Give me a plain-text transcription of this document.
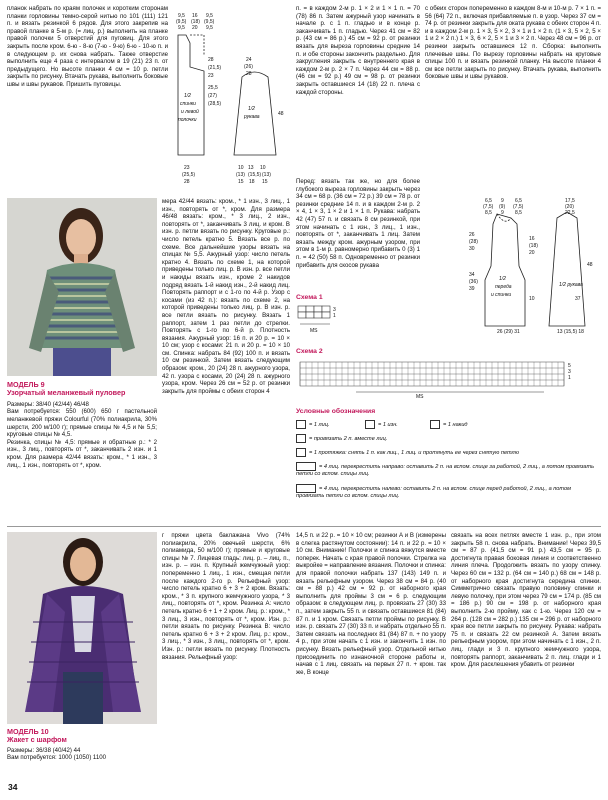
планок набрать по краям полочек и коротким сторонам планки горловины темно-серой нитью по 101 (111) 121 п. и вязать резинкой 6 рядов. Для этого закрепив на правой планке в 5-м р. (= лиц. р.) выполнить на планке правой полочки 5 отверстий для пуговиц. Для этого закрыть после кром. 6-ю - 8-ю (7-ю - 9-ю) 6-ю - 10-ю п. и в следующем р. их снова набрать. Также отверстие выполнить еще 4 раза с интервалом в 19 (21) 23 п. от предыдущего. Но высоте планки 4 см = 10 р. петли закрыть по рисунку. Втачать рукава, выполнить боковые швы и швы рукавов. Пришить пуговицы.

9,5 16 9,5
(9,5) (18) (9,5)
9,5 20 9,5
28
(21,5)
23
25,5
(27)
(28,5)
1/2
спинки
и левой
полочки
23
(25,5)
28
24
(26)
28
1/2
рукава	48
10 13 10
(13) (15,5) (13)
15 18 15

п. = в каждом 2-м р. 1 × 2 и 1 × 1 п. = 70 (78) 86 п. Затем ажурный узор начинать в начале р. с 1 п. гладью и в конце р. заканчивать 1 п. гладью. Через 41 см = 82 р. (43 см = 86 р.) 45 см = 92 р. от резинки вязать для выреза горловины средние 14 п. и обе стороны закончить раздельно. Для закругления закрыть с внутреннего края в каждом 2-м р. 2 × 7 п. Через 44 см = 88 р. (46 см = 92 р.) 49 см = 98 р. от резинки закрыть оставшиеся 14 (18) 22 п. плеча с каждой стороны.

с обеих сторон попеременно в каждом 8-м и 10-м р. 7 × 1 п. = 56 (64) 72 п., включая прибавляемые п. в узор. Через 37 см = 74 р. от резинки закрыть для оката рукава с обеих сторон 4 п. и в каждом 2-м р. 1 × 3, 5 × 2, 3 × 1 и 1 × 2 п. (1 × 3, 5 × 2, 5 × 1 и 2 × 2 п.) 1 × 3, 6 × 2, 5 × 1 и 3 × 2 п. Через 48 см = 96 р. от резинки закрыть оставшиеся 12 п. Сборка: выполнить плечевые швы. По вырезу горловины набрать на круговые спицы 100 п. и вязать резинкой планку. На высоте планки 4 см все петли закрыть по рисунку. Втачать рукава, выполнить боковые швы и швы рукавов.

МОДЕЛЬ 9
Узорчатый меланжевый пуловер

Размеры: 38/40 (42/44) 46/48

Вам потребуется: 550 (600) 650 г пастельной меланжевой пряжи Colourful (70% полиакрила, 30% шерсти, 200 м/100 г); прямые спицы № 4,5 и № 5,5; круговые спицы № 4,5.

Резинка, спицы № 4,5: прямые и обратные р.: * 2 изн., 3 лиц., повторять от *, заканчивать 2 изн. и 1 кром. Для размера 42/44 вязать: кром., * 1 изн., 3 лиц., 1 изн., повторять от *, кром.

мера 42/44 вязать: кром., * 1 изн., 3 лиц., 1 изн., повторять от *, кром. Для размера 46/48 вязать: кром., * 3 лиц., 2 изн., повторять от *, заканчивать 3 лиц. и кром. В изн. р. петли вязать по рисунку. Круговые р.: число петель кратно 5. Вязать все р. по схеме. Все дальнейшие узоры вязать на спицах № 5,5. Ажурный узор: число петель кратно 4. Вязать по схеме 1, на которой приведены только лиц. р. В изн. р. все петли и накиды вязать изн., кроме 2 накидов подряд вязать 1-й накид изн., 2-й накид лиц. Повторять раппорт и с 1-го по 4-й р. Узор с косами (из 42 п.): вязать по схеме 2, на которой приведены только лиц. р. В изн. р. все петли вязать по рисунку. Вязать 1 раппорт, затем 1 раз петли до стрелки. Повторять с 1-го по 6-й р. Плотность вязания. Ажурный узор: 16 п. и 20 р. = 10 × 10 см; узор с косами: 21 п. и 20 р. = 10 × 10 см. Спинка: набрать 84 (92) 100 п. и вязать 10 см резинкой. Затем вязать следующим образом: кром., 20 (24) 28 п. ажурного узора, 42 п. узора с косами, 20 (24) 28 п. ажурного узора, кром. Через 26 см = 52 р. от резинки закрыть для проймы с обеих сторон 4

Перед: вязать так же, но для более глубокого выреза горловины закрыть через 34 см = 68 р. (36 см = 72 р.) 39 см = 78 р. от резинки средние 14 п. и в каждом 2-м р. 2 × 4, 1 × 3, 1 × 2 и 1 × 1 п. Рукава: набрать 42 (47) 57 п. и связать 8 см резинкой, при этом начинать с 1 изн., 3 лиц., 1 изн., повторять от *, заканчивать 1 лиц. Затем вязать между кром. ажурным узором, при этом в 1-м р. равномерно прибавить 0 (3) 1 п. = 42 (50) 58 п. Одновременно от резинки прибавить для скосов рукава

6,5 9 6,5
(7,5) (9) (7,5)
8,5 9 8,5
17,5
(20)
22,5
16
(18)
20
26
(28)
30
34
(36)
39
1/2
переда
и спинки
10
48
37
1/2 рукава
26 (29) 31	13 (15,5) 18
Схема 1
3
1
MS
Схема 2
5
3
1
MS
Условные обозначения
= 1 лиц.	= 1 изн.	= 1 накид
= провязать 2 п. вместе лиц.
= 1 протяжка: снять 1 п. как лиц., 1 лиц. и протянуть ее через снятую петлю
= 4 лиц. перекрестить направо: оставить 2 п. на вспом. спице за работой, 2 лиц., а потом провязать петли со вспом. спицы лиц.
= 4 лиц. перекрестить налево: оставить 2 п. на вспом. спице перед работой, 2 лиц., а потом провязать петли со вспом. спицы лиц.
МОДЕЛЬ 10
Жакет с шарфом

Размеры: 36/38 (40/42) 44

Вам потребуется: 1000 (1050) 1100

г пряжи цвета баклажана Vivo (74% полиакрила, 20% овечьей шерсти, 6% полиамида, 50 м/100 г); прямые и круговые спицы № 7. Лицевая гладь: лиц. р. – лиц. п., изн. р. – изн. п. Крупный жемчужный узор: попеременно 1 лиц., 1 изн., смещая петли после каждого 2-го р. Рельефный узор: число петель кратно 6 + 3 + 2 кром. Вязать: кром., * 3 п. крупного жемчужного узора, * 3 лиц., повторять от *, кром. Резинка А: число петель кратно 6 + 1 + 2 кром. Лиц. р.: кром., * 3 лиц., 3 изн., повторять от *, кром. Изн. р.: петли вязать по рисунку. Резинка В: число петель кратно 6 + 3 + 2 кром. Лиц. р.: кром., 3 лиц., * 3 изн., 3 лиц., повторять от *, кром. Изн. р.: петли вязать по рисунку. Плотность вязания. Рельефный узор:

14,5 п. и 22 р. = 10 × 10 см; резинки А и В (измерены в слегка растянутом состоянии): 14 п. и 22 р. = 10 × 10 см. Внимание! Полочки и спинка вяжутся вместе поперек. Начать с края правой полочки. Стрелка на выкройке = направление вязания. Полочки и спинка: для правой полочки набрать 137 (143) 149 п. и вязать рельефным узором. Через 38 см = 84 р. (40 см = 88 р.) 42 см = 92 р. от наборного края выполнить для проймы 3 см = 6 р. следующим образом: в следующем лиц. р. провязать 27 (30) 33 п., затем закрыть 55 п. и связать оставшиеся 81 (84) 87 п. и 1 кром. Связать петли проймы по рисунку. В изн. р. связать 27 (30) 33 п. и набрать отдельно 55 п. Затем связать на последних 81 (84) 87 п. + по узору 4 р., при этом начать с 1 изн. и закончить 1 изн. по рисунку. Вязать рельефный узор. Отдельной нитью присоединить по изнаночной стороне работы и, начав с 1 лиц. связать на первых 27 п. + кром. так же, В конце

связать на всех петлях вместе 1 изн. р., при этом закрыть 58 п. снова набрать. Внимание! Через 39,5 см = 87 р. (41,5 см = 91 р.) 43,5 см = 95 р. достигнута правая боковая линия и соответственно линия плеча. Продолжить вязать по узору спинку. Через 60 см = 132 р. (64 см = 140 р.) 68 см = 148 р. от наборного края достигнута середина спинки. Симметрично связать правую половину спинки и левую полочку, при этом через 79 см = 174 р. (85 см = 186 р.) 90 см = 198 р. от наборного края выполнить 2-ю пройму, как с 1-ю. Через 120 см = 264 р. (128 см = 282 р.) 135 см = 296 р. от наборного края все петли закрыть по рисунку. Рукава: набрать 75 п. и связать 22 см резинкой А. Затем вязать рельефным узором, при этом начинать с 1 изн., 2 п. лиц. глади и 3 п. крупного жемчужного узора, повторять раппорт, заканчивать 2 п. лиц. глади и 1 кром. Для расклешения убавить от резинки

34
